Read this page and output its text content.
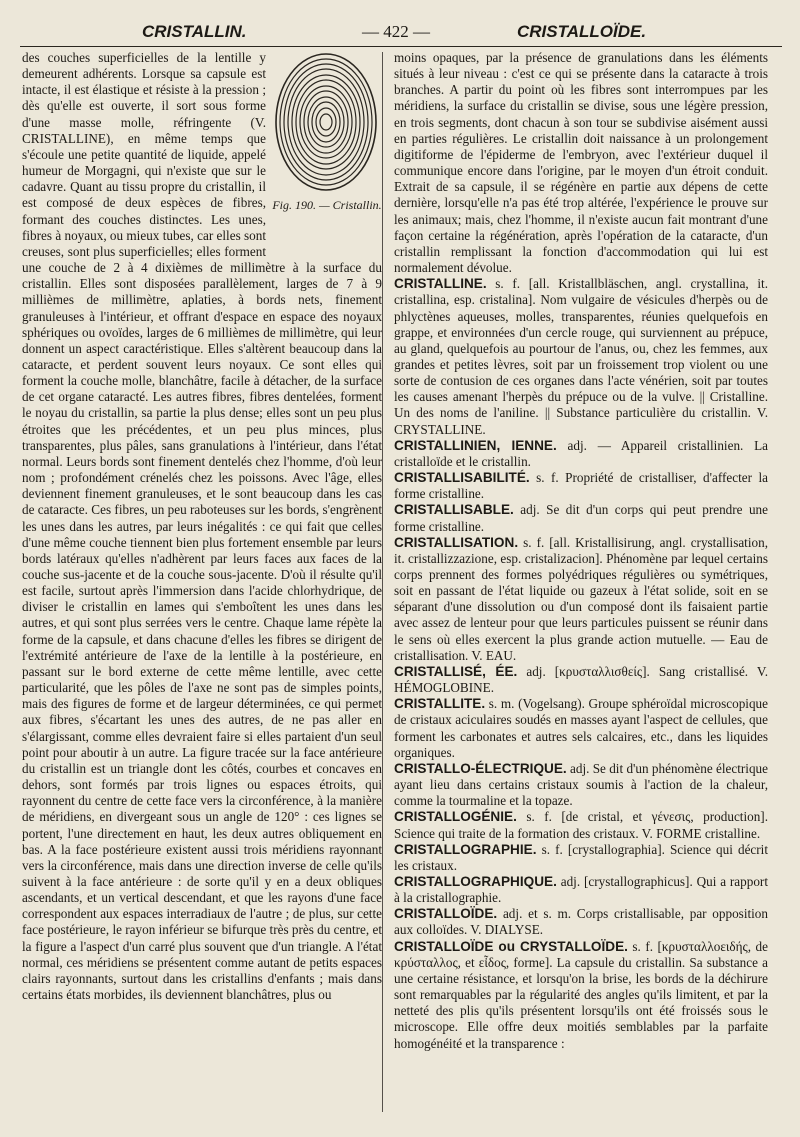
CRISTALLIN.	— 422 —	CRISTALLOÏDE.
Fig. 190. — Cristallin.

des couches superficielles de la lentille y demeurent adhérents. Lorsque sa capsule est intacte, il est élastique et résiste à la pression ; dès qu'elle est ouverte, il sort sous forme d'une masse molle, réfringente (V. CRISTALLINE), en même temps que s'écoule une petite quantité de liquide, appelé humeur de Morgagni, qui n'existe que sur le cadavre. Quant au tissu propre du cristallin, il est composé de deux espèces de fibres, formant des couches distinctes. Les unes, fibres à noyaux, ou mieux tubes, car elles sont creuses, sont plus superficielles; elles forment une couche de 2 à 4 dixièmes de millimètre à la surface du cristallin. Elles sont disposées parallèlement, larges de 7 à 9 millièmes de millimètre, aplaties, à bords nets, finement granuleuses à l'intérieur, et offrant d'espace en espace des noyaux sphériques ou ovoïdes, larges de 6 millièmes de millimètre, qui leur donnent un aspect caractéristique. Elles s'altèrent beaucoup dans la cataracte, et perdent souvent leurs noyaux. Ce sont elles qui forment la couche molle, blanchâtre, facile à détacher, de la surface de cet organe cataracté. Les autres fibres, fibres dentelées, forment le noyau du cristallin, sa partie la plus dense; elles sont un peu plus étroites que les précédentes, et un peu plus minces, plus transparentes, plus pâles, sans granulations à l'intérieur, dans l'état normal. Leurs bords sont finement dentelés chez l'homme, d'où leur nom ; profondément crénelés chez les poissons. Avec l'âge, elles deviennent finement granuleuses, et le sont beaucoup dans les cas de cataracte. Ces fibres, un peu raboteuses sur les bords, s'engrènent les unes dans les autres, par leurs inégalités : ce qui fait que celles d'une même couche tiennent bien plus fortement ensemble par leurs bords latéraux qu'elles n'adhèrent par leurs faces aux faces de la couche sus-jacente et de la couche sous-jacente. D'où il résulte qu'il est facile, surtout après l'immersion dans l'acide chlorhydrique, de diviser le cristallin en lames qui s'emboîtent les unes dans les autres, et qui sont plus serrées vers le centre. Chaque lame répète la forme de la capsule, et dans chacune d'elles les fibres se dirigent de l'extrémité antérieure de l'axe de la lentille à la postérieure, en passant sur le bord externe de cette même lentille, avec cette particularité, que les pôles de l'axe ne sont pas de simples points, mais des figures de forme et de largeur déterminées, ce qui permet aux fibres, s'écartant les unes des autres, de ne pas aller en s'élargissant, comme elles devraient faire si elles partaient d'un seul point pour aboutir à un autre. La figure tracée sur la face antérieure du cristallin est un triangle dont les côtés, courbes et concaves en dehors, sont formés par trois lignes ou espaces étroits, qui rayonnent du centre de cette face vers la circonférence, à la manière de méridiens, en divergeant sous un angle de 120° : ces lignes se portent, l'une directement en haut, les deux autres obliquement en bas. A la face postérieure existent aussi trois méridiens rayonnant vers la circonférence, mais dans une direction inverse de celle qu'ils suivent à la face antérieure : de sorte qu'il y en a deux obliques ascendants, et un vertical descendant, et que les rayons d'une face correspondent aux espaces interradiaux de l'autre ; de plus, sur cette face postérieure, le rayon inférieur se bifurque très près du centre, et la figure a l'aspect d'un carré plus souvent que d'un triangle. A l'état normal, ces méridiens se présentent comme autant de petits espaces clairs rayonnants, surtout dans les cristallins d'enfants ; mais dans certains états morbides, ils deviennent blanchâtres, plus ou

moins opaques, par la présence de granulations dans les éléments situés à leur niveau : c'est ce qui se présente dans la cataracte à trois branches. A partir du point où les fibres sont interrompues par les méridiens, la surface du cristallin se divise, sous une légère pression, en trois segments, dont chacun à son tour se subdivise aisément aussi en parties régulières. Le cristallin doit naissance à un prolongement digitiforme de l'épiderme de l'embryon, avec l'extérieur duquel il communique encore dans l'origine, par le moyen d'un étroit conduit. Extrait de sa capsule, il se régénère en partie aux dépens de cette dernière, lorsqu'elle n'a pas été trop altérée, l'expérience le prouve sur les animaux; mais, chez l'homme, il n'existe aucun fait montrant d'une façon certaine la régénération, après l'opération de la cataracte, d'un cristallin remplissant la fonction d'accommodation qui lui est normalement dévolue.

CRISTALLINE. s. f. [all. Kristallbläschen, angl. crystallina, it. cristallina, esp. cristalina]. Nom vulgaire de vésicules d'herpès ou de phlyctènes aqueuses, molles, transparentes, réunies quelquefois en grappe, et environnées d'un cercle rouge, qui surviennent au prépuce, au gland, quelquefois au pourtour de l'anus, ou, chez les femmes, aux grandes et petites lèvres, soit par un froissement trop violent ou une sorte de contusion de ces organes dans l'acte vénérien, soit par toutes les causes amenant l'herpès du prépuce ou de la vulve. || Cristalline. Un des noms de l'aniline. || Substance particulière du cristallin. V. CRYSTALLINE.

CRISTALLINIEN, IENNE. adj. — Appareil cristallinien. La cristalloïde et le cristallin.

CRISTALLISABILITÉ. s. f. Propriété de cristalliser, d'affecter la forme cristalline.

CRISTALLISABLE. adj. Se dit d'un corps qui peut prendre une forme cristalline.

CRISTALLISATION. s. f. [all. Kristallisirung, angl. crystallisation, it. cristallizzazione, esp. cristalizacion]. Phénomène par lequel certains corps prennent des formes polyédriques régulières ou symétriques, soit en passant de l'état liquide ou gazeux à l'état solide, soit en se séparant d'une dissolution ou d'un composé dont ils faisaient partie avec assez de lenteur pour que leurs particules puissent se réunir dans le sens où elles exercent la plus grande action mutuelle. — Eau de cristallisation. V. EAU.

CRISTALLISÉ, ÉE. adj. [κρυσταλλισθείς]. Sang cristallisé. V. HÉMOGLOBINE.

CRISTALLITE. s. m. (Vogelsang). Groupe sphéroïdal microscopique de cristaux aciculaires soudés en masses ayant l'aspect de cellules, que forment les carbonates et autres sels calcaires, etc., dans les liquides organiques.

CRISTALLO-ÉLECTRIQUE. adj. Se dit d'un phénomène électrique ayant lieu dans certains cristaux soumis à l'action de la chaleur, comme la tourmaline et la topaze.

CRISTALLOGÉNIE. s. f. [de cristal, et γένεσις, production]. Science qui traite de la formation des cristaux. V. FORME cristalline.

CRISTALLOGRAPHIE. s. f. [crystallographia]. Science qui décrit les cristaux.

CRISTALLOGRAPHIQUE. adj. [crystallographicus]. Qui a rapport à la cristallographie.

CRISTALLOÏDE. adj. et s. m. Corps cristallisable, par opposition aux colloïdes. V. DIALYSE.

CRISTALLOÏDE ou CRYSTALLOÏDE. s. f. [κρυσταλλοειδής, de κρύσταλλος, et εἶδος, forme]. La capsule du cristallin. Sa substance a une certaine résistance, et lorsqu'on la brise, les bords de la déchirure sont remarquables par la régularité des angles qu'ils limitent, et par la netteté des plis qu'ils présentent lorsqu'ils ont été froissés sous le microscope. Elle offre deux moitiés semblables par la parfaite homogénéité et la transparence :
